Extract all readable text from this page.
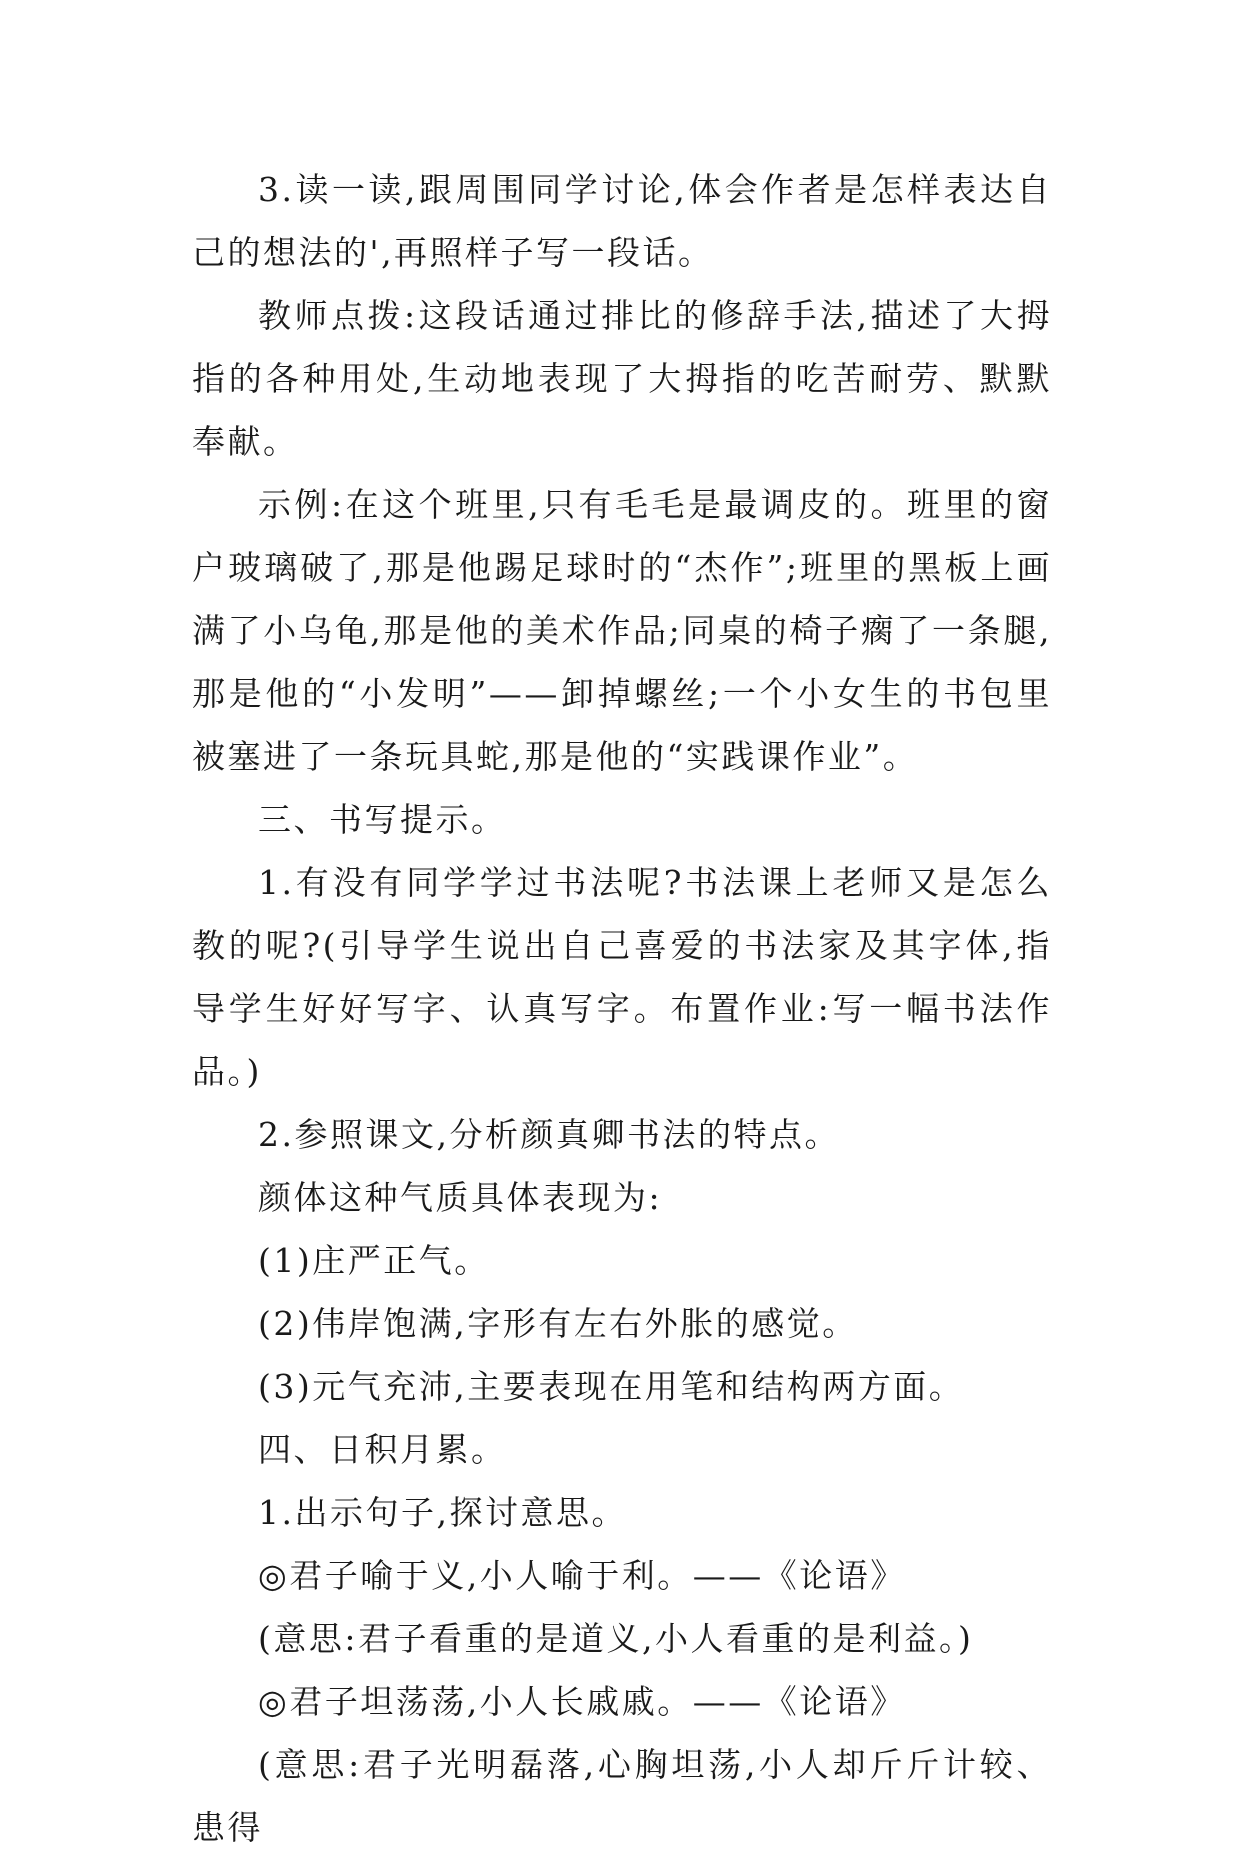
3.读一读,跟周围同学讨论,体会作者是怎样表达自己的想法的',再照样子写一段话。

教师点拨:这段话通过排比的修辞手法,描述了大拇指的各种用处,生动地表现了大拇指的吃苦耐劳、默默奉献。

示例:在这个班里,只有毛毛是最调皮的。班里的窗户玻璃破了,那是他踢足球时的“杰作”;班里的黑板上画满了小乌龟,那是他的美术作品;同桌的椅子瘸了一条腿,那是他的“小发明”——卸掉螺丝;一个小女生的书包里被塞进了一条玩具蛇,那是他的“实践课作业”。

三、书写提示。

1.有没有同学学过书法呢?书法课上老师又是怎么教的呢?(引导学生说出自己喜爱的书法家及其字体,指导学生好好写字、认真写字。布置作业:写一幅书法作品。)

2.参照课文,分析颜真卿书法的特点。

颜体这种气质具体表现为:

(1)庄严正气。

(2)伟岸饱满,字形有左右外胀的感觉。

(3)元气充沛,主要表现在用笔和结构两方面。

四、日积月累。

1.出示句子,探讨意思。

◎君子喻于义,小人喻于利。——《论语》

(意思:君子看重的是道义,小人看重的是利益。)

◎君子坦荡荡,小人长戚戚。——《论语》

(意思:君子光明磊落,心胸坦荡,小人却斤斤计较、患得
